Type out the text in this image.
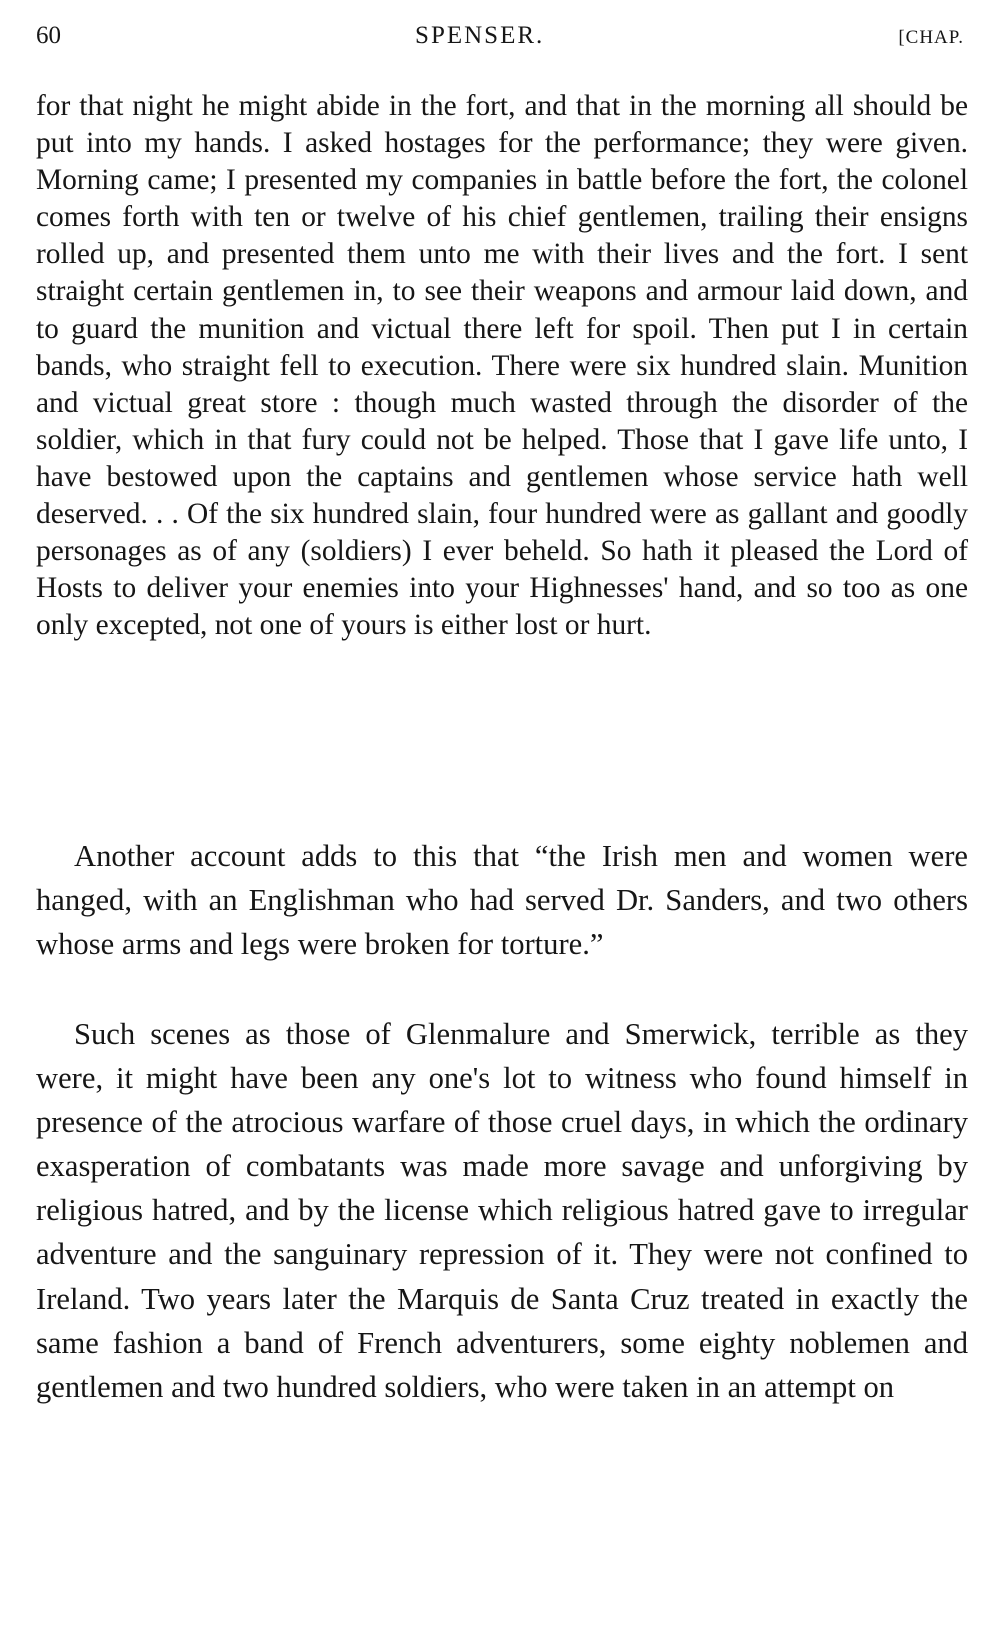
60	SPENSER.	[CHAP.

for that night he might abide in the fort, and that in the morning all should be put into my hands. I asked hostages for the performance; they were given. Morning came; I presented my companies in battle before the fort, the colonel comes forth with ten or twelve of his chief gentlemen, trailing their ensigns rolled up, and presented them unto me with their lives and the fort. I sent straight certain gentlemen in, to see their weapons and armour laid down, and to guard the munition and victual there left for spoil. Then put I in certain bands, who straight fell to execution. There were six hundred slain. Munition and victual great store : though much wasted through the disorder of the soldier, which in that fury could not be helped. Those that I gave life unto, I have bestowed upon the captains and gentlemen whose service hath well deserved. . . Of the six hundred slain, four hundred were as gallant and goodly personages as of any (soldiers) I ever beheld. So hath it pleased the Lord of Hosts to deliver your enemies into your Highnesses' hand, and so too as one only excepted, not one of yours is either lost or hurt.

Another account adds to this that “the Irish men and women were hanged, with an Englishman who had served Dr. Sanders, and two others whose arms and legs were broken for torture.”

Such scenes as those of Glenmalure and Smerwick, terrible as they were, it might have been any one's lot to witness who found himself in presence of the atrocious warfare of those cruel days, in which the ordinary exasperation of combatants was made more savage and unforgiving by religious hatred, and by the license which religious hatred gave to irregular adventure and the sanguinary repression of it. They were not confined to Ireland. Two years later the Marquis de Santa Cruz treated in exactly the same fashion a band of French adventurers, some eighty noblemen and gentlemen and two hundred soldiers, who were taken in an attempt on
